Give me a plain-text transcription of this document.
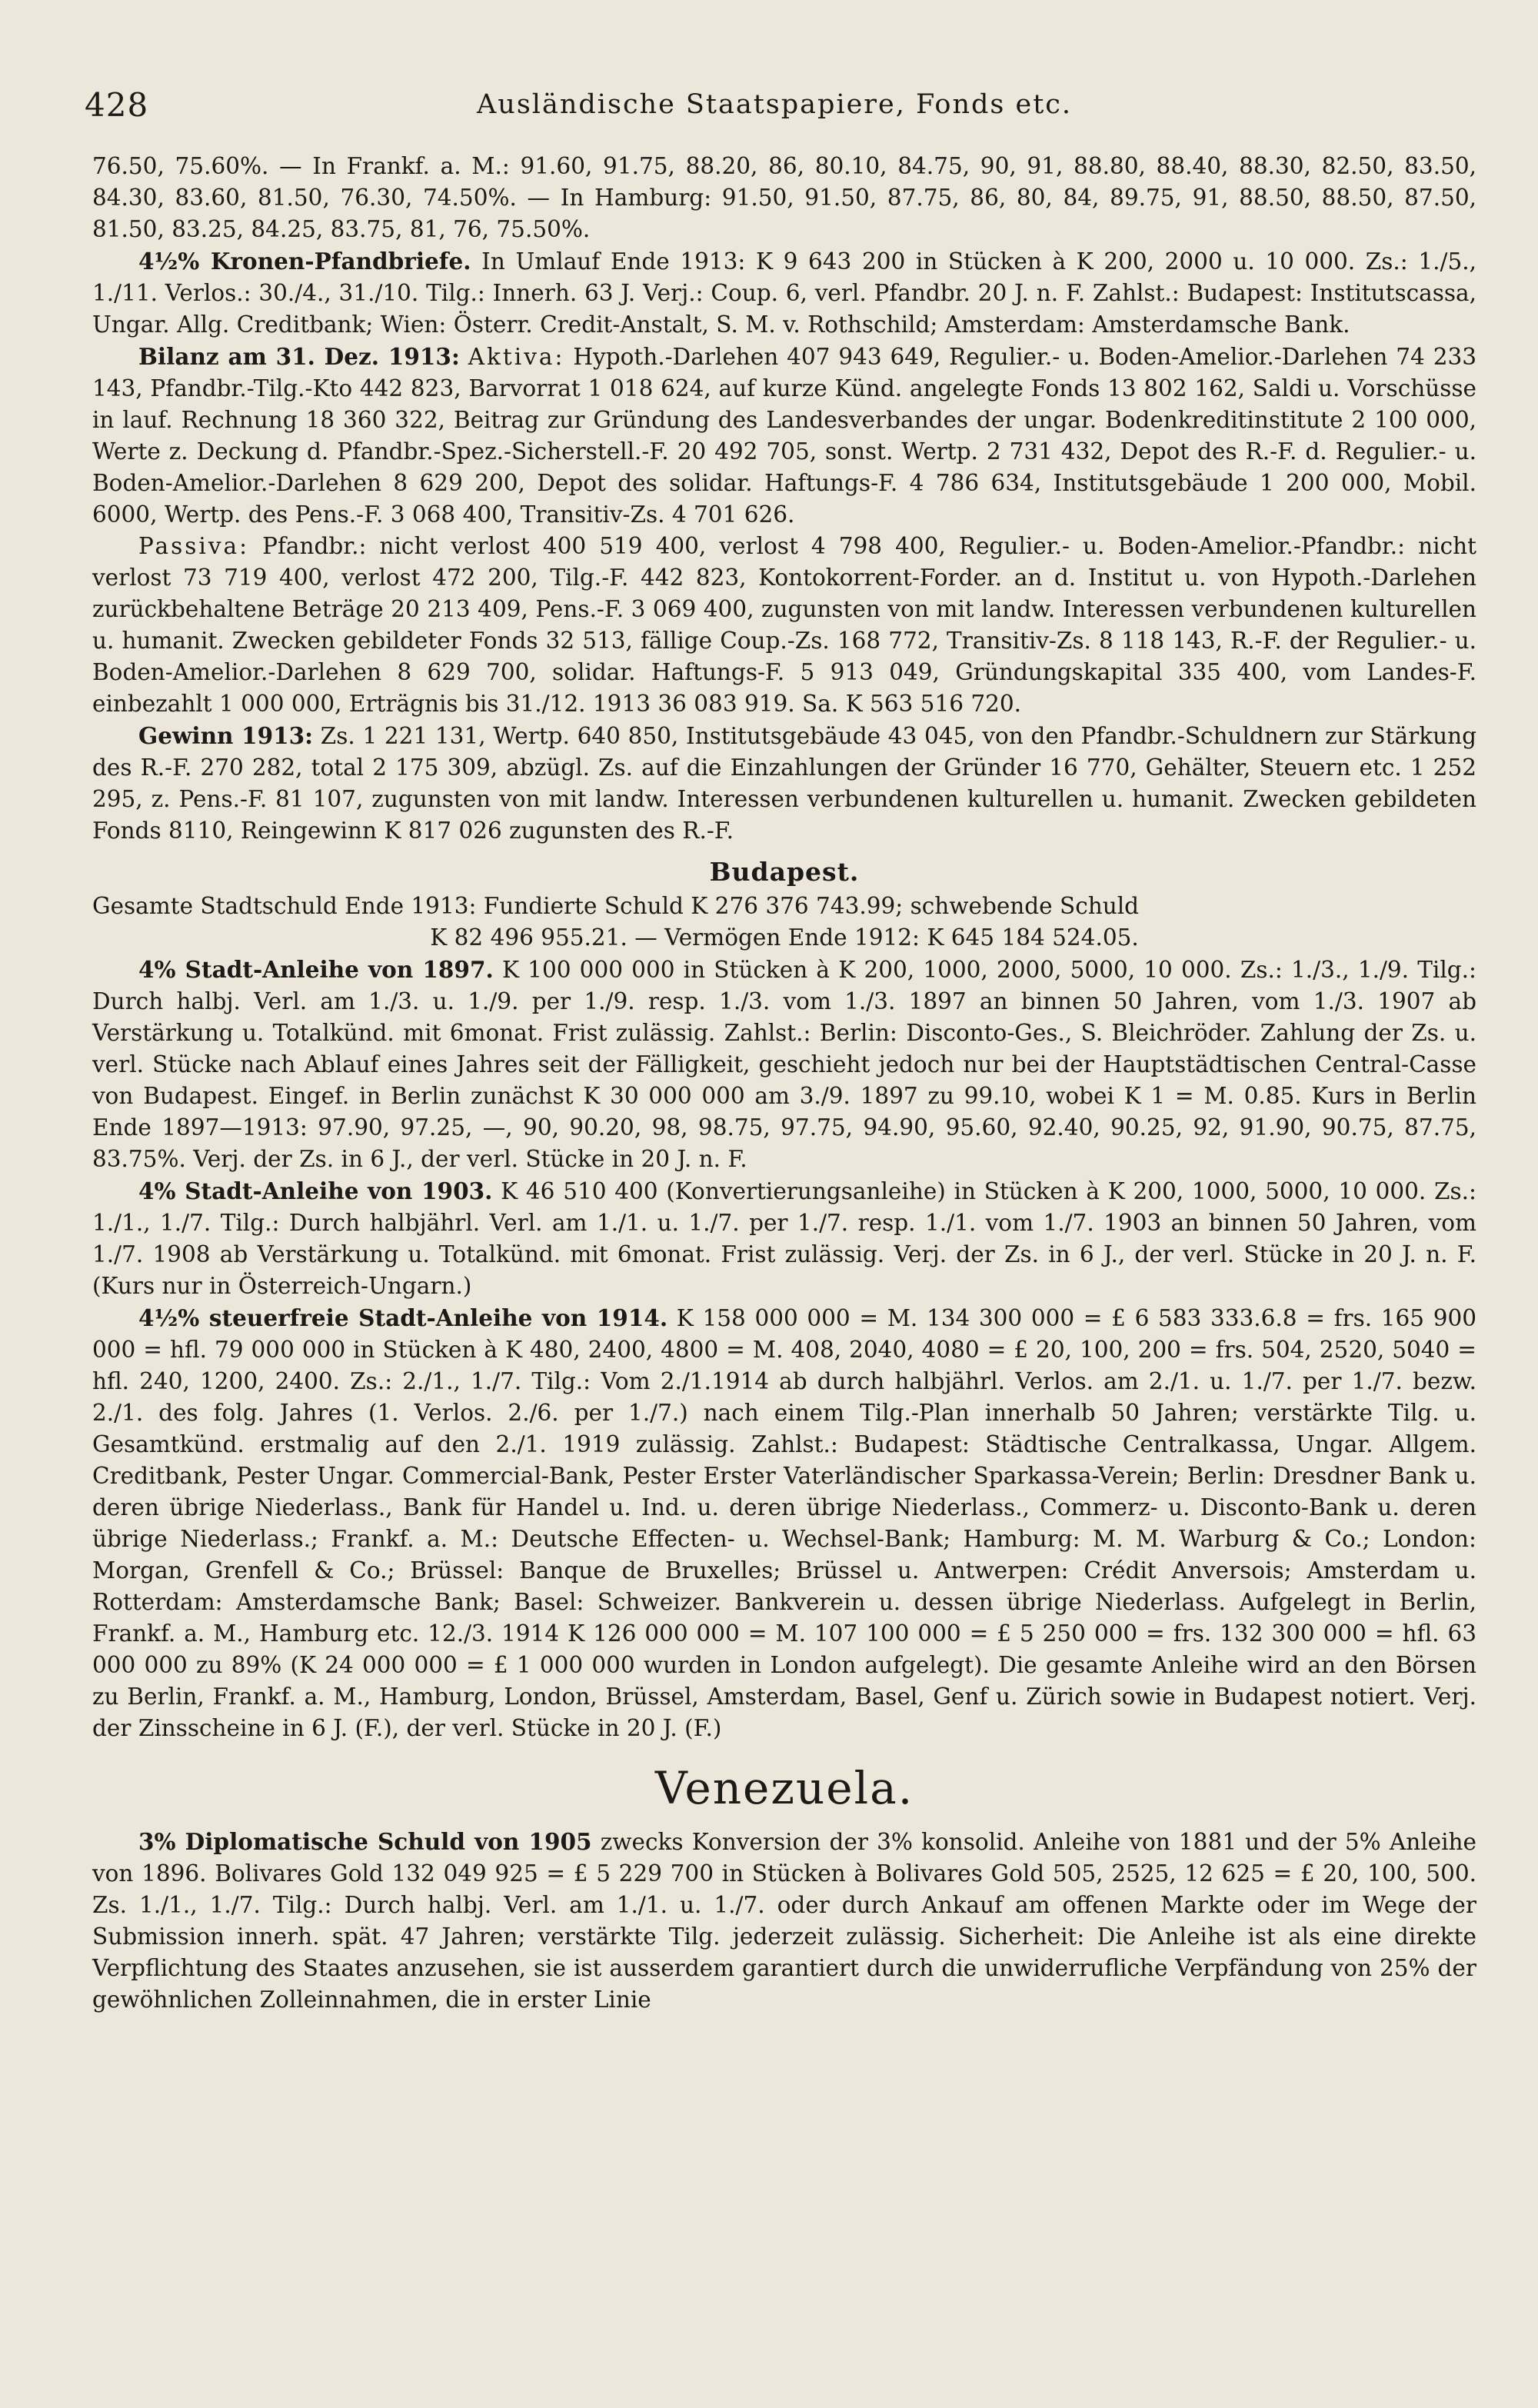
428	Ausländische Staatspapiere, Fonds etc.

76.50, 75.60%. — In Frankf. a. M.: 91.60, 91.75, 88.20, 86, 80.10, 84.75, 90, 91, 88.80, 88.40, 88.30, 82.50, 83.50, 84.30, 83.60, 81.50, 76.30, 74.50%. — In Hamburg: 91.50, 91.50, 87.75, 86, 80, 84, 89.75, 91, 88.50, 88.50, 87.50, 81.50, 83.25, 84.25, 83.75, 81, 76, 75.50%.

4½% Kronen-Pfandbriefe. In Umlauf Ende 1913: K 9 643 200 in Stücken à K 200, 2000 u. 10 000. Zs.: 1./5., 1./11. Verlos.: 30./4., 31./10. Tilg.: Innerh. 63 J. Verj.: Coup. 6, verl. Pfandbr. 20 J. n. F. Zahlst.: Budapest: Institutscassa, Ungar. Allg. Creditbank; Wien: Österr. Credit-Anstalt, S. M. v. Rothschild; Amsterdam: Amsterdamsche Bank.

Bilanz am 31. Dez. 1913: Aktiva: Hypoth.-Darlehen 407 943 649, Regulier.- u. Boden-Amelior.-Darlehen 74 233 143, Pfandbr.-Tilg.-Kto 442 823, Barvorrat 1 018 624, auf kurze Künd. angelegte Fonds 13 802 162, Saldi u. Vorschüsse in lauf. Rechnung 18 360 322, Beitrag zur Gründung des Landesverbandes der ungar. Bodenkreditinstitute 2 100 000, Werte z. Deckung d. Pfandbr.-Spez.-Sicherstell.-F. 20 492 705, sonst. Wertp. 2 731 432, Depot des R.-F. d. Regulier.- u. Boden-Amelior.-Darlehen 8 629 200, Depot des solidar. Haftungs-F. 4 786 634, Institutsgebäude 1 200 000, Mobil. 6000, Wertp. des Pens.-F. 3 068 400, Transitiv-Zs. 4 701 626.

Passiva: Pfandbr.: nicht verlost 400 519 400, verlost 4 798 400, Regulier.- u. Boden-Amelior.-Pfandbr.: nicht verlost 73 719 400, verlost 472 200, Tilg.-F. 442 823, Kontokorrent-Forder. an d. Institut u. von Hypoth.-Darlehen zurückbehaltene Beträge 20 213 409, Pens.-F. 3 069 400, zugunsten von mit landw. Interessen verbundenen kulturellen u. humanit. Zwecken gebildeter Fonds 32 513, fällige Coup.-Zs. 168 772, Transitiv-Zs. 8 118 143, R.-F. der Regulier.- u. Boden-Amelior.-Darlehen 8 629 700, solidar. Haftungs-F. 5 913 049, Gründungskapital 335 400, vom Landes-F. einbezahlt 1 000 000, Erträgnis bis 31./12. 1913 36 083 919. Sa. K 563 516 720.

Gewinn 1913: Zs. 1 221 131, Wertp. 640 850, Institutsgebäude 43 045, von den Pfandbr.-Schuldnern zur Stärkung des R.-F. 270 282, total 2 175 309, abzügl. Zs. auf die Einzahlungen der Gründer 16 770, Gehälter, Steuern etc. 1 252 295, z. Pens.-F. 81 107, zugunsten von mit landw. Interessen verbundenen kulturellen u. humanit. Zwecken gebildeten Fonds 8110, Reingewinn K 817 026 zugunsten des R.-F.

Budapest.

Gesamte Stadtschuld Ende 1913: Fundierte Schuld K 276 376 743.99; schwebende Schuld

K 82 496 955.21. — Vermögen Ende 1912: K 645 184 524.05.

4% Stadt-Anleihe von 1897. K 100 000 000 in Stücken à K 200, 1000, 2000, 5000, 10 000. Zs.: 1./3., 1./9. Tilg.: Durch halbj. Verl. am 1./3. u. 1./9. per 1./9. resp. 1./3. vom 1./3. 1897 an binnen 50 Jahren, vom 1./3. 1907 ab Verstärkung u. Totalkünd. mit 6monat. Frist zulässig. Zahlst.: Berlin: Disconto-Ges., S. Bleichröder. Zahlung der Zs. u. verl. Stücke nach Ablauf eines Jahres seit der Fälligkeit, geschieht jedoch nur bei der Hauptstädtischen Central-Casse von Budapest. Eingef. in Berlin zunächst K 30 000 000 am 3./9. 1897 zu 99.10, wobei K 1 = M. 0.85. Kurs in Berlin Ende 1897—1913: 97.90, 97.25, —, 90, 90.20, 98, 98.75, 97.75, 94.90, 95.60, 92.40, 90.25, 92, 91.90, 90.75, 87.75, 83.75%. Verj. der Zs. in 6 J., der verl. Stücke in 20 J. n. F.

4% Stadt-Anleihe von 1903. K 46 510 400 (Konvertierungsanleihe) in Stücken à K 200, 1000, 5000, 10 000. Zs.: 1./1., 1./7. Tilg.: Durch halbjährl. Verl. am 1./1. u. 1./7. per 1./7. resp. 1./1. vom 1./7. 1903 an binnen 50 Jahren, vom 1./7. 1908 ab Verstärkung u. Totalkünd. mit 6monat. Frist zulässig. Verj. der Zs. in 6 J., der verl. Stücke in 20 J. n. F. (Kurs nur in Österreich-Ungarn.)

4½% steuerfreie Stadt-Anleihe von 1914. K 158 000 000 = M. 134 300 000 = £ 6 583 333.6.8 = frs. 165 900 000 = hfl. 79 000 000 in Stücken à K 480, 2400, 4800 = M. 408, 2040, 4080 = £ 20, 100, 200 = frs. 504, 2520, 5040 = hfl. 240, 1200, 2400. Zs.: 2./1., 1./7. Tilg.: Vom 2./1.1914 ab durch halbjährl. Verlos. am 2./1. u. 1./7. per 1./7. bezw. 2./1. des folg. Jahres (1. Verlos. 2./6. per 1./7.) nach einem Tilg.-Plan innerhalb 50 Jahren; verstärkte Tilg. u. Gesamtkünd. erstmalig auf den 2./1. 1919 zulässig. Zahlst.: Budapest: Städtische Centralkassa, Ungar. Allgem. Creditbank, Pester Ungar. Commercial-Bank, Pester Erster Vaterländischer Sparkassa-Verein; Berlin: Dresdner Bank u. deren übrige Niederlass., Bank für Handel u. Ind. u. deren übrige Niederlass., Commerz- u. Disconto-Bank u. deren übrige Niederlass.; Frankf. a. M.: Deutsche Effecten- u. Wechsel-Bank; Hamburg: M. M. Warburg & Co.; London: Morgan, Grenfell & Co.; Brüssel: Banque de Bruxelles; Brüssel u. Antwerpen: Crédit Anversois; Amsterdam u. Rotterdam: Amsterdamsche Bank; Basel: Schweizer. Bankverein u. dessen übrige Niederlass. Aufgelegt in Berlin, Frankf. a. M., Hamburg etc. 12./3. 1914 K 126 000 000 = M. 107 100 000 = £ 5 250 000 = frs. 132 300 000 = hfl. 63 000 000 zu 89% (K 24 000 000 = £ 1 000 000 wurden in London aufgelegt). Die gesamte Anleihe wird an den Börsen zu Berlin, Frankf. a. M., Hamburg, London, Brüssel, Amsterdam, Basel, Genf u. Zürich sowie in Budapest notiert. Verj. der Zinsscheine in 6 J. (F.), der verl. Stücke in 20 J. (F.)

Venezuela.

3% Diplomatische Schuld von 1905 zwecks Konversion der 3% konsolid. Anleihe von 1881 und der 5% Anleihe von 1896. Bolivares Gold 132 049 925 = £ 5 229 700 in Stücken à Bolivares Gold 505, 2525, 12 625 = £ 20, 100, 500. Zs. 1./1., 1./7. Tilg.: Durch halbj. Verl. am 1./1. u. 1./7. oder durch Ankauf am offenen Markte oder im Wege der Submission innerh. spät. 47 Jahren; verstärkte Tilg. jederzeit zulässig. Sicherheit: Die Anleihe ist als eine direkte Verpflichtung des Staates anzusehen, sie ist ausserdem garantiert durch die unwiderrufliche Verpfändung von 25% der gewöhnlichen Zolleinnahmen, die in erster Linie
